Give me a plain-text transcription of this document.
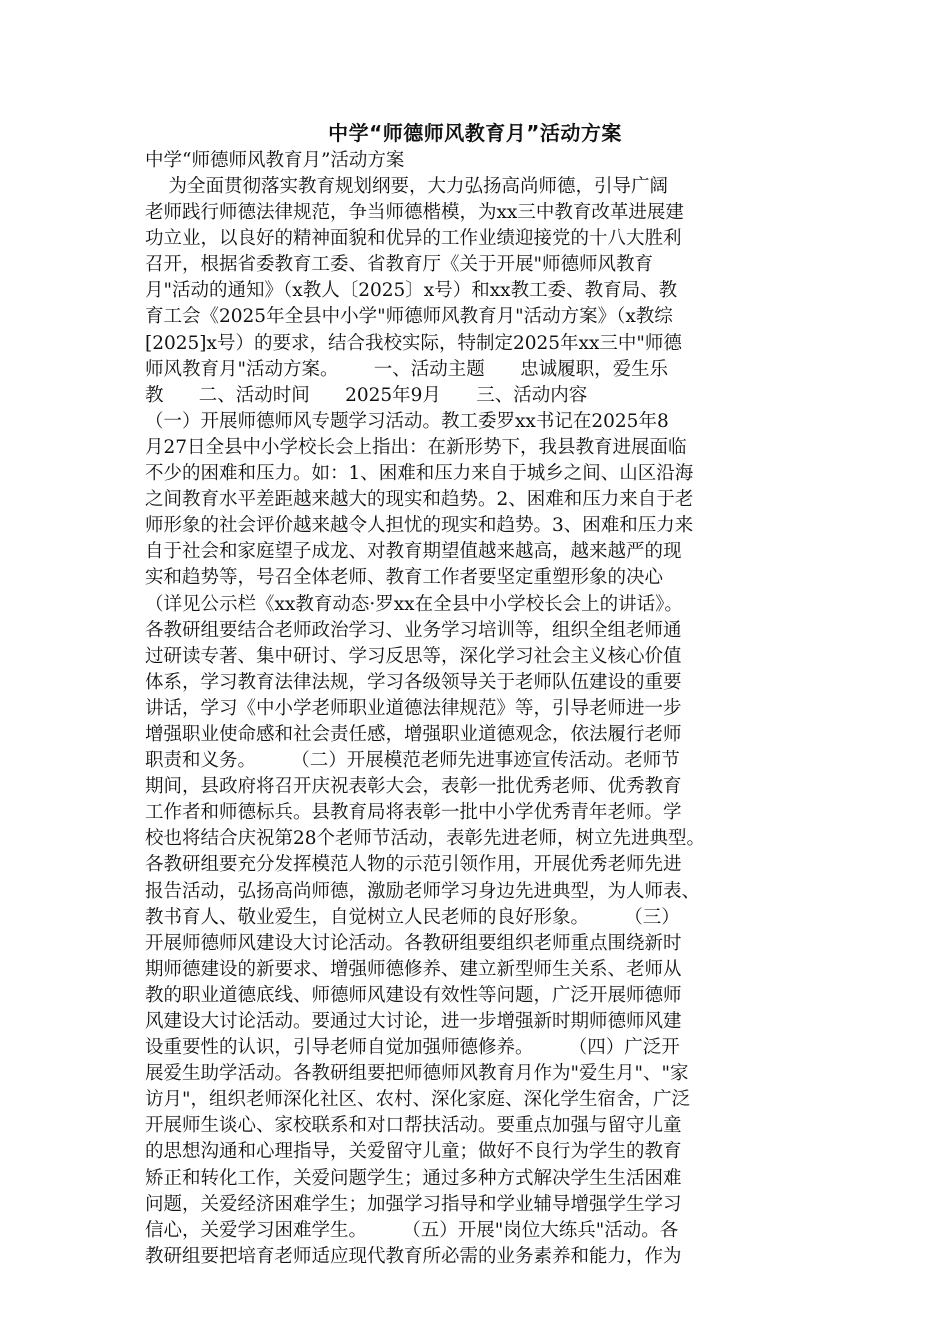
中学“师德师风教育月”活动方案

中学“师德师风教育月”活动方案

为全面贯彻落实教育规划纲要，大力弘扬高尚师德，引导广阔
老师践行师德法律规范，争当师德楷模，为xx三中教育改革进展建
功立业，以良好的精神面貌和优异的工作业绩迎接党的十八大胜利
召开，根据省委教育工委、省教育厅《关于开展"师德师风教育
月"活动的通知》（x教人〔2025〕x号）和xx教工委、教育局、教
育工会《2025年全县中小学"师德师风教育月"活动方案》（x教综
[2025]x号）的要求，结合我校实际，特制定2025年xx三中"师德
师风教育月"活动方案。      一、活动主题      忠诚履职，爱生乐
教      二、活动时间      2025年9月      三、活动内容
（一）开展师德师风专题学习活动。教工委罗xx书记在2025年8
月27日全县中小学校长会上指出：在新形势下，我县教育进展面临
不少的困难和压力。如：1、困难和压力来自于城乡之间、山区沿海
之间教育水平差距越来越大的现实和趋势。2、困难和压力来自于老
师形象的社会评价越来越令人担忧的现实和趋势。3、困难和压力来
自于社会和家庭望子成龙、对教育期望值越来越高，越来越严的现
实和趋势等，号召全体老师、教育工作者要坚定重塑形象的决心
（详见公示栏《xx教育动态·罗xx在全县中小学校长会上的讲话》。
各教研组要结合老师政治学习、业务学习培训等，组织全组老师通
过研读专著、集中研讨、学习反思等，深化学习社会主义核心价值
体系，学习教育法律法规，学习各级领导关于老师队伍建设的重要
讲话，学习《中小学老师职业道德法律规范》等，引导老师进一步
增强职业使命感和社会责任感，增强职业道德观念，依法履行老师
职责和义务。      （二）开展模范老师先进事迹宣传活动。老师节
期间，县政府将召开庆祝表彰大会，表彰一批优秀老师、优秀教育
工作者和师德标兵。县教育局将表彰一批中小学优秀青年老师。学
校也将结合庆祝第28个老师节活动，表彰先进老师，树立先进典型。
各教研组要充分发挥模范人物的示范引领作用，开展优秀老师先进
报告活动，弘扬高尚师德，激励老师学习身边先进典型，为人师表、
教书育人、敬业爱生，自觉树立人民老师的良好形象。      （三）
开展师德师风建设大讨论活动。各教研组要组织老师重点围绕新时
期师德建设的新要求、增强师德修养、建立新型师生关系、老师从
教的职业道德底线、师德师风建设有效性等问题，广泛开展师德师
风建设大讨论活动。要通过大讨论，进一步增强新时期师德师风建
设重要性的认识，引导老师自觉加强师德修养。      （四）广泛开
展爱生助学活动。各教研组要把师德师风教育月作为"爱生月"、"家
访月"，组织老师深化社区、农村、深化家庭、深化学生宿舍，广泛
开展师生谈心、家校联系和对口帮扶活动。要重点加强与留守儿童
的思想沟通和心理指导，关爱留守儿童；做好不良行为学生的教育
矫正和转化工作，关爱问题学生；通过多种方式解决学生生活困难
问题，关爱经济困难学生；加强学习指导和学业辅导增强学生学习
信心，关爱学习困难学生。      （五）开展"岗位大练兵"活动。各
教研组要把培育老师适应现代教育所必需的业务素养和能力，作为
